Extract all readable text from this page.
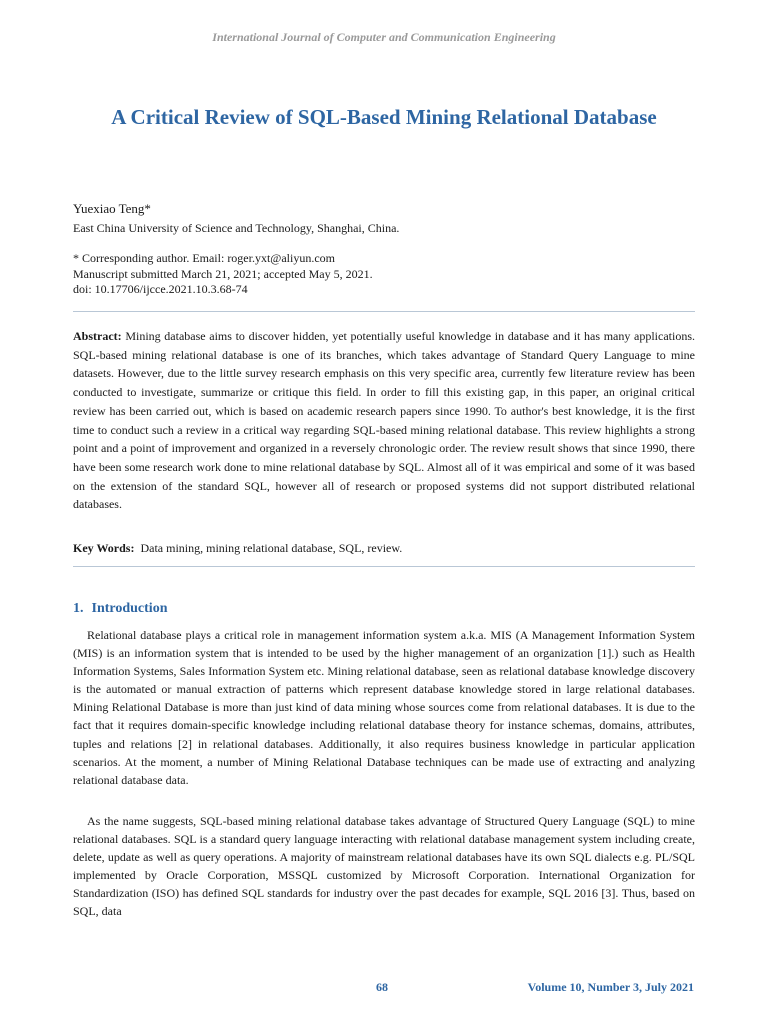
International Journal of Computer and Communication Engineering
A Critical Review of SQL-Based Mining Relational Database
Yuexiao Teng*
East China University of Science and Technology, Shanghai, China.
* Corresponding author. Email: roger.yxt@aliyun.com
Manuscript submitted March 21, 2021; accepted May 5, 2021.
doi: 10.17706/ijcce.2021.10.3.68-74

Abstract: Mining database aims to discover hidden, yet potentially useful knowledge in database and it has many applications. SQL-based mining relational database is one of its branches, which takes advantage of Standard Query Language to mine datasets. However, due to the little survey research emphasis on this very specific area, currently few literature review has been conducted to investigate, summarize or critique this field. In order to fill this existing gap, in this paper, an original critical review has been carried out, which is based on academic research papers since 1990. To author's best knowledge, it is the first time to conduct such a review in a critical way regarding SQL-based mining relational database. This review highlights a strong point and a point of improvement and organized in a reversely chronologic order. The review result shows that since 1990, there have been some research work done to mine relational database by SQL. Almost all of it was empirical and some of it was based on the extension of the standard SQL, however all of research or proposed systems did not support distributed relational databases.

Key Words: Data mining, mining relational database, SQL, review.
1. Introduction

Relational database plays a critical role in management information system a.k.a. MIS (A Management Information System (MIS) is an information system that is intended to be used by the higher management of an organization [1].) such as Health Information Systems, Sales Information System etc. Mining relational database, seen as relational database knowledge discovery is the automated or manual extraction of patterns which represent database knowledge stored in large relational databases. Mining Relational Database is more than just kind of data mining whose sources come from relational databases. It is due to the fact that it requires domain-specific knowledge including relational database theory for instance schemas, domains, attributes, tuples and relations [2] in relational databases. Additionally, it also requires business knowledge in particular application scenarios. At the moment, a number of Mining Relational Database techniques can be made use of extracting and analyzing relational database data.

As the name suggests, SQL-based mining relational database takes advantage of Structured Query Language (SQL) to mine relational databases. SQL is a standard query language interacting with relational database management system including create, delete, update as well as query operations. A majority of mainstream relational databases have its own SQL dialects e.g. PL/SQL implemented by Oracle Corporation, MSSQL customized by Microsoft Corporation. International Organization for Standardization (ISO) has defined SQL standards for industry over the past decades for example, SQL 2016 [3]. Thus, based on SQL, data

68	Volume 10, Number 3, July 2021
